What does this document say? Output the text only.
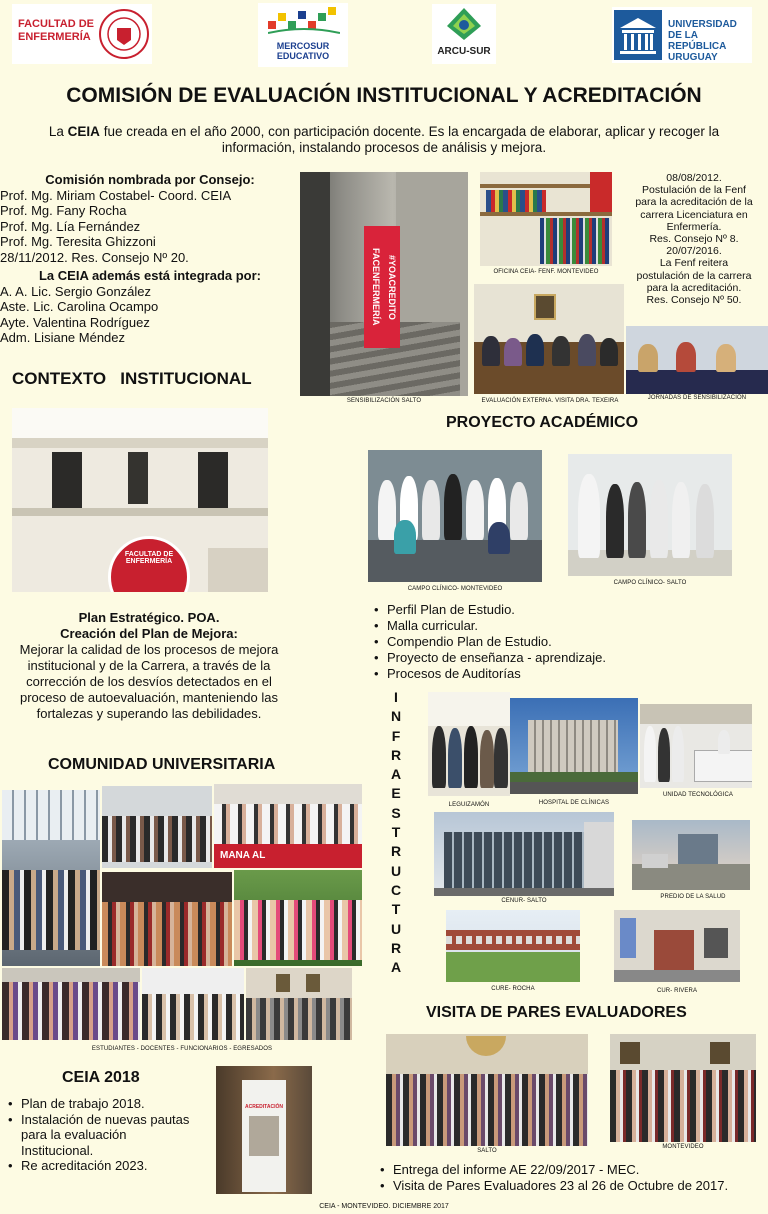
FACULTAD DE
ENFERMERÍA
MERCOSUR
EDUCATIVO	ARCU-SUR
UNIVERSIDAD
DE LA REPÚBLICA
URUGUAY
COMISIÓN DE EVALUACIÓN INSTITUCIONAL Y ACREDITACIÓN
La CEIA fue creada en el año 2000, con participación docente. Es la encargada de elaborar, aplicar y recoger la información, instalando procesos de análisis y mejora.
Comisión nombrada por Consejo:
Prof. Mg. Miriam Costabel- Coord. CEIA
Prof. Mg. Fany Rocha
Prof. Mg. Lía Fernández
Prof. Mg. Teresita Ghizzoni
28/11/2012. Res. Consejo Nº 20.
La CEIA además está integrada por:
A. A. Lic. Sergio González
Aste. Lic. Carolina Ocampo
Ayte. Valentina Rodríguez
Adm. Lisiane Méndez
#YOACREDITO FACENFERMERÍA
SENSIBILIZACIÓN SALTO
OFICINA CEIA- FENF. MONTEVIDEO
08/08/2012.
Postulación de la Fenf
para la acreditación de la
carrera Licenciatura en
Enfermería.
Res. Consejo Nº 8.
20/07/2016.
La Fenf reitera
postulación de la carrera
para la acreditación.
Res. Consejo Nº 50.
EVALUACIÓN EXTERNA. VISITA DRA. TEXEIRA	JORNADAS DE SENSIBILIZACIÓN
CONTEXTO   INSTITUCIONAL
FACULTAD DE ENFERMERÍA
Plan Estratégico. POA.
Creación del Plan de Mejora:
Mejorar la calidad de los procesos de mejora institucional y de la Carrera, a través de la corrección de los desvíos detectados en el proceso de autoevaluación, manteniendo las fortalezas y superando las debilidades.
PROYECTO ACADÉMICO
CAMPO CLÍNICO- MONTEVIDEO
CAMPO CLÍNICO- SALTO
• Perfil Plan de Estudio.
• Malla curricular.
• Compendio Plan de Estudio.
• Proyecto de enseñanza - aprendizaje.
• Procesos de Auditorías
I
N
F
R
A
E
S
T
R
U
C
T
U
R
A
LEGUIZAMÓN	HOSPITAL DE CLÍNICAS
UNIDAD TECNOLÓGICA
CENUR- SALTO
PREDIO DE LA SALUD
CURE- ROCHA	CUR- RIVERA
COMUNIDAD UNIVERSITARIA
MANA AL
ESTUDIANTES - DOCENTES - FUNCIONARIOS - EGRESADOS
CEIA 2018
• Plan de trabajo 2018.
• Instalación de nuevas pautas para la evaluación Institucional.
• Re acreditación 2023.
ACREDITACIÓN
VISITA DE PARES EVALUADORES
SALTO
MONTEVIDEO
• Entrega del informe AE 22/09/2017 - MEC.
• Visita de Pares Evaluadores 23 al 26 de Octubre de 2017.
CEIA - MONTEVIDEO. DICIEMBRE 2017
